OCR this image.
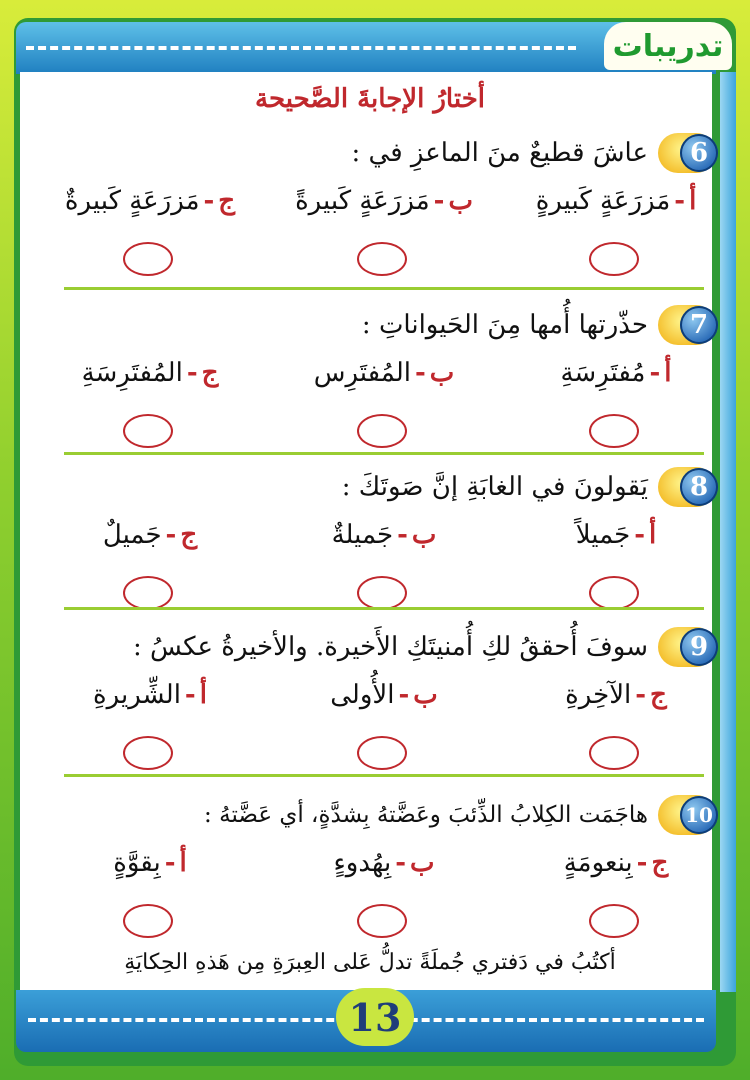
تدريبات
13
أختارُ الإجابةَ الصَّحيحة
6
عاشَ قطيعٌ منَ الماعزِ في :
أ-مَزرَعَةٍ كَبيرةٍ
ب-مَزرَعَةٍ كَبيرةً
ج-مَزرَعَةٍ كَبيرةٌ
7
حذّرتها أُمها مِنَ الحَيواناتِ :
أ-مُفتَرِسَةِ
ب-المُفتَرِس
ج-المُفتَرِسَةِ
8
يَقولونَ في الغابَةِ إنَّ صَوتَكَ :
أ-جَميلاً
ب-جَميلةٌ
ج-جَميلٌ
9
سوفَ أُحققُ لكِ أُمنيتَكِ الأَخيرة. والأخيرةُ عكسُ :
ج-الآخِرةِ
ب-الأُولى
أ-الشِّريرةِ
10
هاجَمَت الكِلابُ الذِّئبَ وعَضَّتهُ بِشدَّةٍ، أي عَضَّتهُ :
ج-بِنعومَةٍ
ب-بِهُدوءٍ
أ-بِقوَّةٍ
أكتُبُ في دَفتري جُملَةً تدلُّ عَلى العِبرَةِ مِن هَذهِ الحِكايَةِ
